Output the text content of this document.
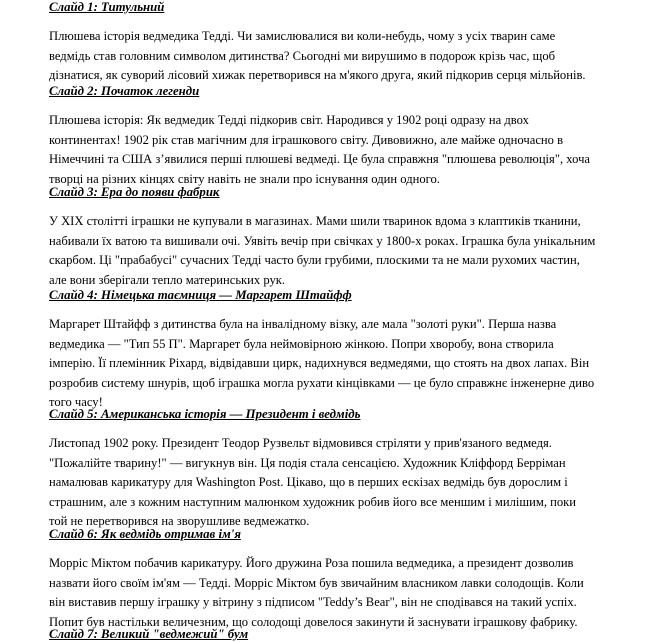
Слайд 1: Титульний

Плюшева історія ведмедика Тедді. Чи замислювалися ви коли-небудь, чому з усіх тварин саме

ведмідь став головним символом дитинства? Сьогодні ми вирушимо в подорож крізь час, щоб

дізнатися, як суворий лісовий хижак перетворився на м'якого друга, який підкорив серця мільйонів.

Слайд 2: Початок легенди

Плюшева історія: Як ведмедик Тедді підкорив світ. Народився у 1902 році одразу на двох

континентах! 1902 рік став магічним для іграшкового світу. Дивовижно, але майже одночасно в

Німеччині та США з’явилися перші плюшеві ведмеді. Це була справжня "плюшева революція", хоча

творці на різних кінцях світу навіть не знали про існування один одного.

Слайд 3: Ера до появи фабрик

У XIX столітті іграшки не купували в магазинах. Мами шили тваринок вдома з клаптиків тканини,

набивали їх ватою та вишивали очі. Уявіть вечір при свічках у 1800-х роках. Іграшка була унікальним

скарбом. Ці "прабабусі" сучасних Тедді часто були грубими, плоскими та не мали рухомих частин,

але вони зберігали тепло материнських рук.

Слайд 4: Німецька таємниця — Маргарет Штайфф

Маргарет Штайфф з дитинства була на інвалідному візку, але мала "золоті руки". Перша назва

ведмедика — "Тип 55 П". Маргарет була неймовірною жінкою. Попри хворобу, вона створила

імперію. Її племінник Ріхард, відвідавши цирк, надихнувся ведмедями, що стоять на двох лапах. Він

розробив систему шнурів, щоб іграшка могла рухати кінцівками — це було справжнє інженерне диво

того часу!

Слайд 5: Американська історія — Президент і ведмідь

Листопад 1902 року. Президент Теодор Рузвельт відмовився стріляти у прив'язаного ведмедя.

"Пожалійте тварину!" — вигукнув він. Ця подія стала сенсацією. Художник Кліффорд Берріман

намалював карикатуру для Washington Post. Цікаво, що в перших ескізах ведмідь був дорослим і

страшним, але з кожним наступним малюнком художник робив його все меншим і милішим, поки

той не перетворився на зворушливе ведмежатко.

Слайд 6: Як ведмідь отримав ім'я

Морріс Міктом побачив карикатуру. Його дружина Роза пошила ведмедика, а президент дозволив

назвати його своїм ім'ям — Тедді. Морріс Міктом був звичайним власником лавки солодощів. Коли

він виставив першу іграшку у вітрину з підписом "Teddy’s Bear", він не сподівався на такий успіх.

Попит був настільки величезним, що солодощі довелося закинути й заснувати іграшкову фабрику.

Слайд 7: Великий "ведмежий" бум
